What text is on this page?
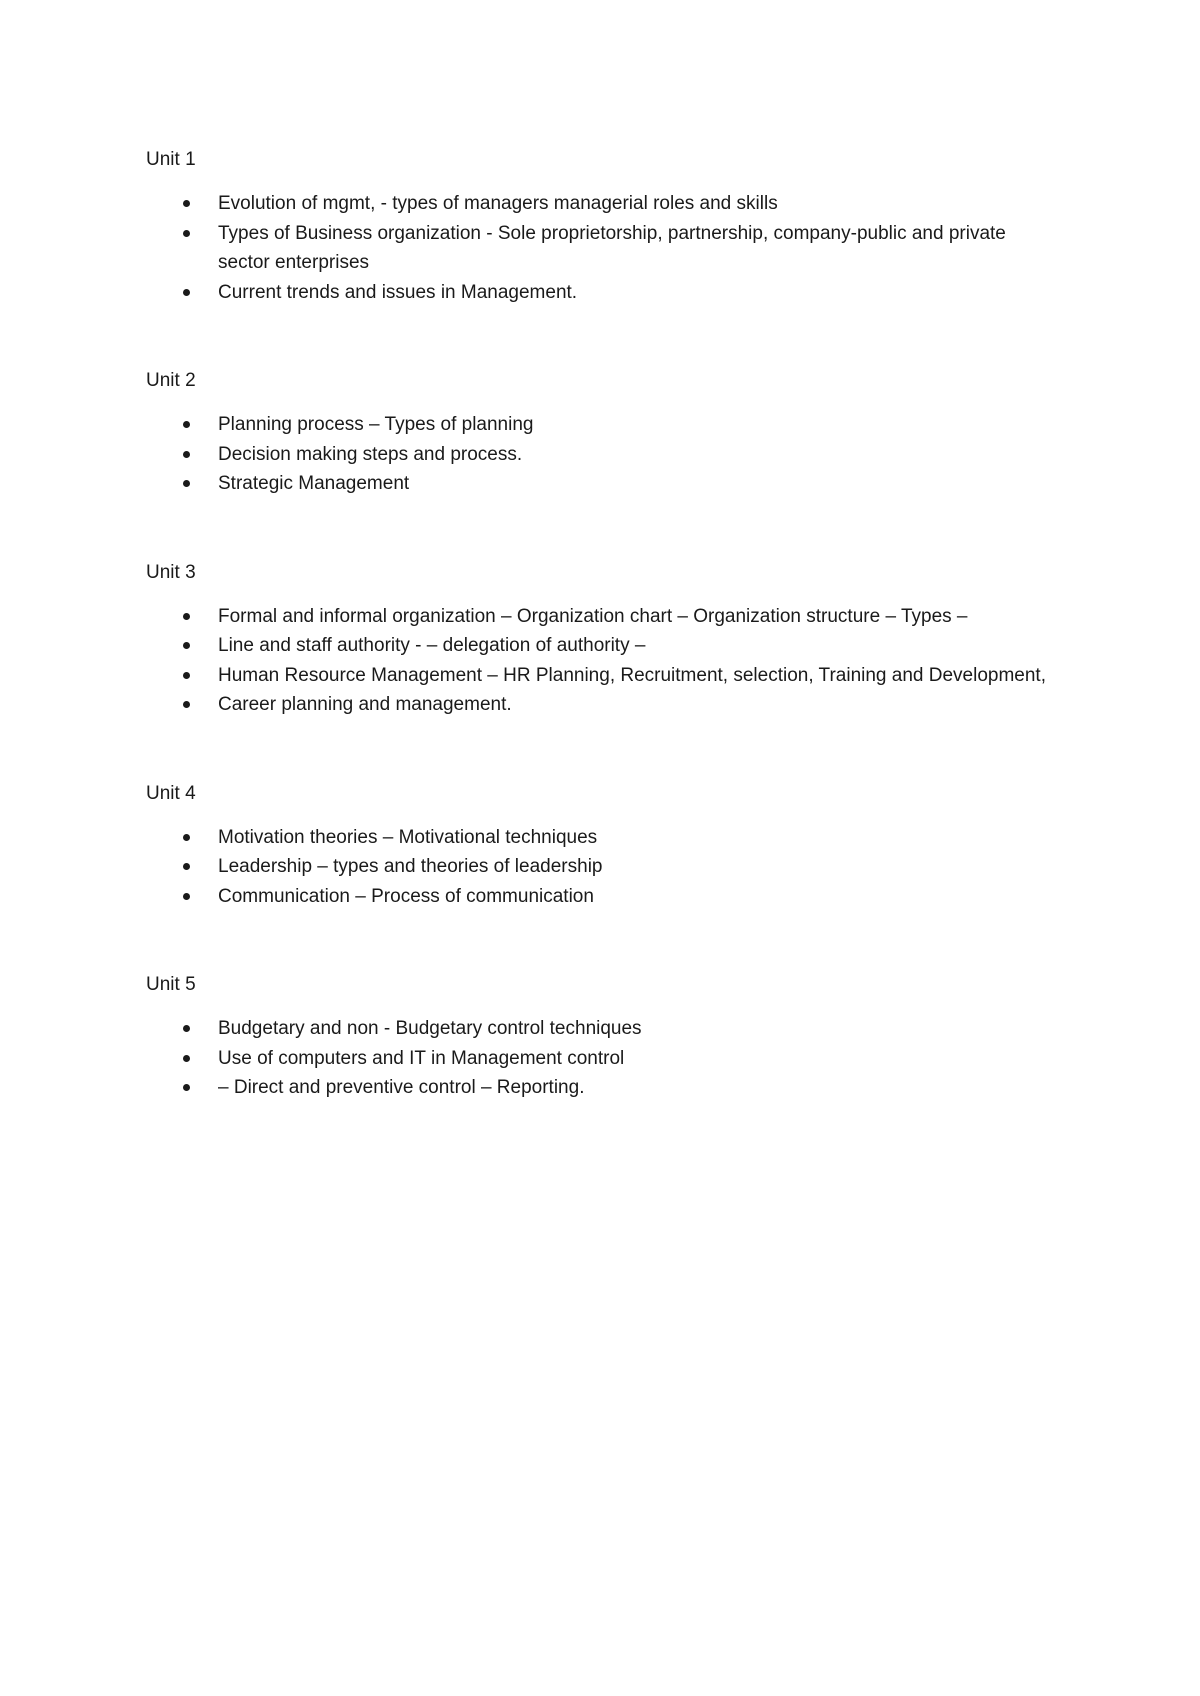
Unit 1
Evolution of mgmt, - types of managers managerial roles and skills
Types of Business organization - Sole proprietorship, partnership, company-public and private sector enterprises
Current trends and issues in Management.
Unit 2
Planning process – Types of planning
Decision making steps and process.
Strategic Management
Unit 3
Formal and informal organization – Organization chart – Organization structure – Types –
Line and staff authority - – delegation of authority –
Human Resource Management – HR Planning, Recruitment, selection, Training and Development,
Career planning and management.
Unit 4
Motivation theories – Motivational techniques
Leadership – types and theories of leadership
Communication – Process of communication
Unit 5
Budgetary and non - Budgetary control techniques
Use of computers and IT in Management control
– Direct and preventive control – Reporting.
